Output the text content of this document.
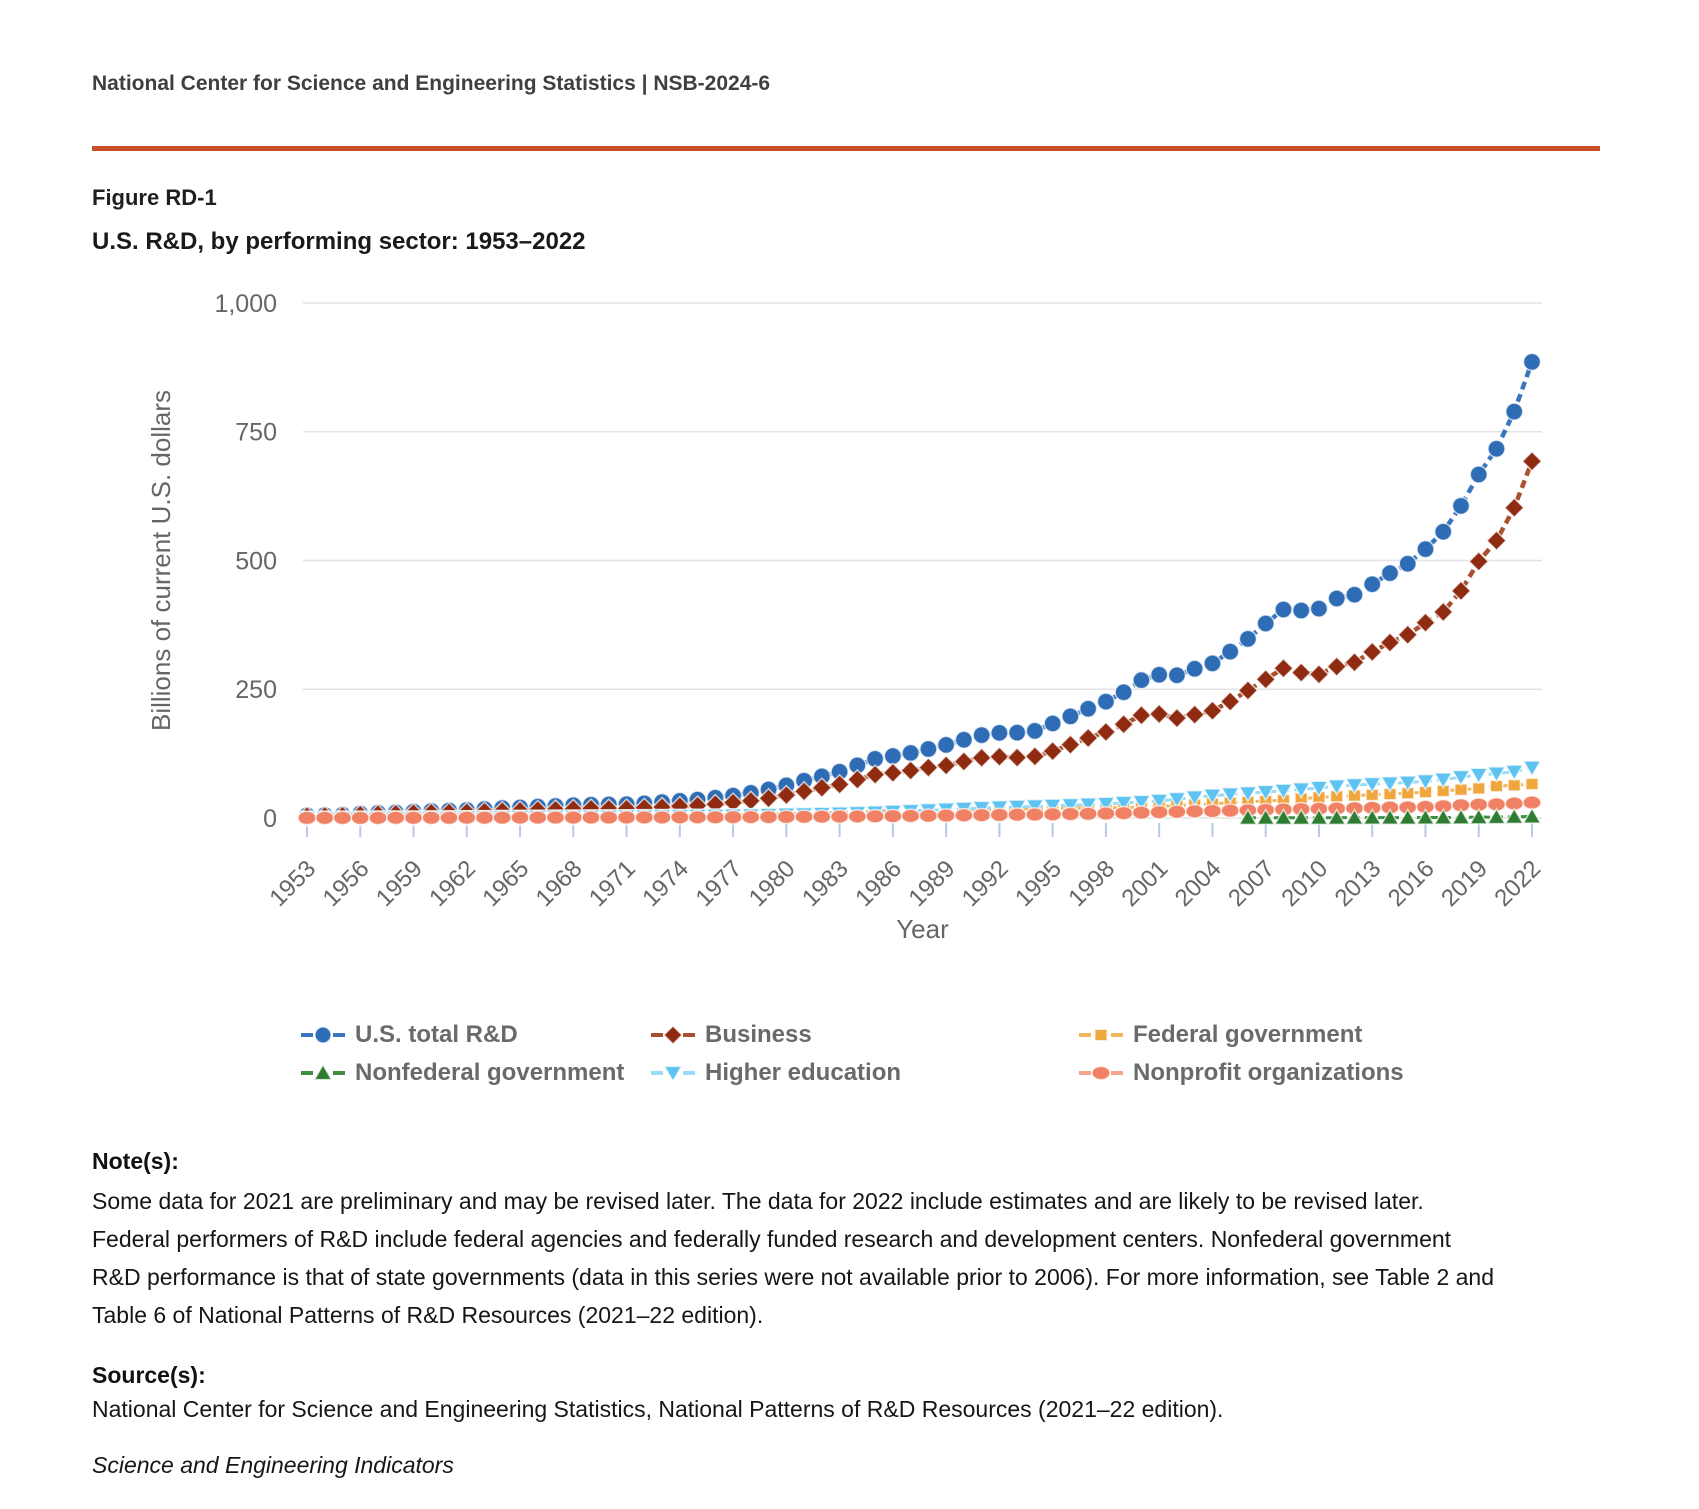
National Center for Science and Engineering Statistics | NSB-2024-6
Figure RD-1
U.S. R&D, by performing sector: 1953–2022
0
250
500
750
1,000
1953
1956
1959
1962
1965
1968
1971
1974
1977
1980
1983
1986
1989
1992
1995
1998
2001
2004
2007
2010
2013
2016
2019
2022
Billions of current U.S. dollars
Year
U.S. total R&D	Business	Federal government
Nonfederal government	Higher education	Nonprofit organizations
Note(s):
Some data for 2021 are preliminary and may be revised later. The data for 2022 include estimates and are likely to be revised later. Federal performers of R&D include federal agencies and federally funded research and development centers. Nonfederal government R&D performance is that of state governments (data in this series were not available prior to 2006). For more information, see Table 2 and Table 6 of National Patterns of R&D Resources (2021–22 edition).
Source(s):
National Center for Science and Engineering Statistics, National Patterns of R&D Resources (2021–22 edition).
Science and Engineering Indicators
